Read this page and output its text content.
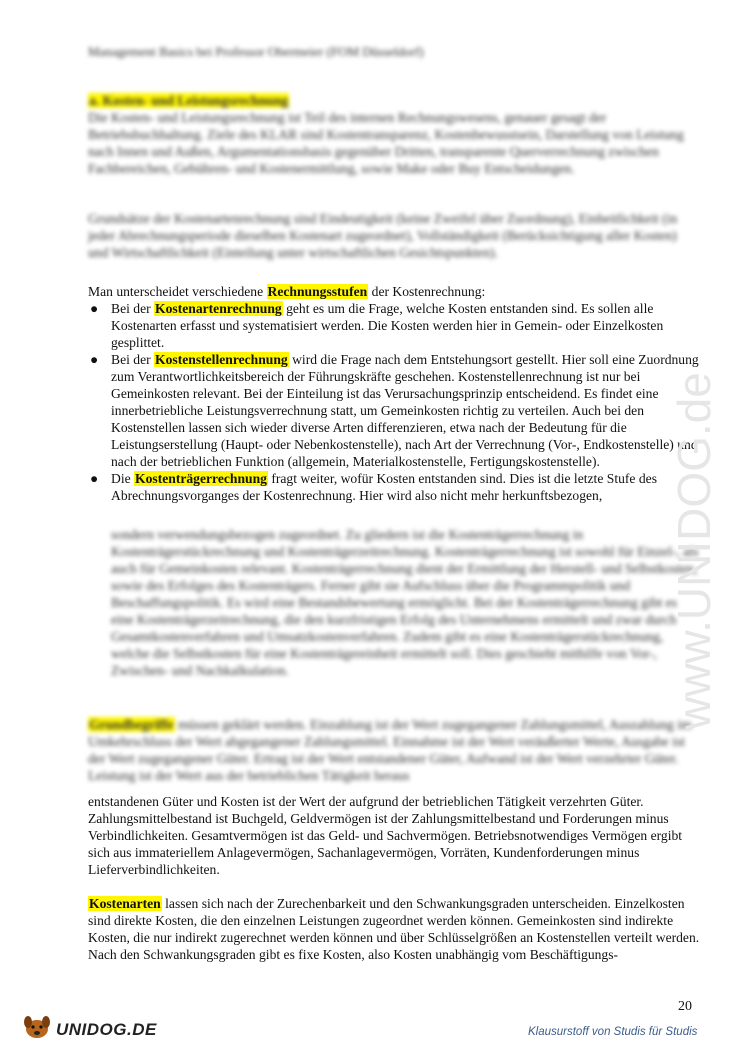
Management Basics bei Professor Obermeier (FOM Düsseldorf)

a. Kosten- und Leistungsrechnung

Die Kosten- und Leistungsrechnung ist Teil des internen Rechnungswesens, genauer gesagt der Betriebsbuchhaltung. Ziele des KLAR sind Kostentransparenz, Kostenbewusstsein, Darstellung von Leistung nach Innen und Außen, Argumentationsbasis gegenüber Dritten, transparente Querverrechnung zwischen Fachbereichen, Gebühren- und Kostenermittlung, sowie Make oder Buy Entscheidungen.

Grundsätze der Kostenartenrechnung sind Eindeutigkeit (keine Zweifel über Zuordnung), Einheitlichkeit (in jeder Abrechnungsperiode dieselben Kostenart zugeordnet), Vollständigkeit (Berücksichtigung aller Kosten) und Wirtschaftlichkeit (Einteilung unter wirtschaftlichen Gesichtspunkten).

Man unterscheidet verschiedene Rechnungsstufen der Kostenrechnung:

● Bei der Kostenartenrechnung geht es um die Frage, welche Kosten entstanden sind. Es sollen alle Kostenarten erfasst und systematisiert werden. Die Kosten werden hier in Gemein- oder Einzelkosten gesplittet.
● Bei der Kostenstellenrechnung wird die Frage nach dem Entstehungsort gestellt. Hier soll eine Zuordnung zum Verantwortlichkeitsbereich der Führungskräfte geschehen. Kostenstellenrechnung ist nur bei Gemeinkosten relevant. Bei der Einteilung ist das Verursachungsprinzip entscheidend. Es findet eine innerbetriebliche Leistungsverrechnung statt, um Gemeinkosten richtig zu verteilen. Auch bei den Kostenstellen lassen sich wieder diverse Arten differenzieren, etwa nach der Bedeutung für die Leistungserstellung (Haupt- oder Nebenkostenstelle), nach Art der Verrechnung (Vor-, Endkostenstelle) und nach der betrieblichen Funktion (allgemein, Materialkostenstelle, Fertigungskostenstelle).
● Die Kostenträgerrechnung fragt weiter, wofür Kosten entstanden sind. Dies ist die letzte Stufe des Abrechnungsvorganges der Kostenrechnung. Hier wird also nicht mehr herkunftsbezogen,
sondern verwendungsbezogen zugeordnet. Zu gliedern ist die Kostenträgerrechnung in Kostenträgerstückrechnung und Kostenträgerzeitrechnung. Kostenträgerrechnung ist sowohl für Einzel-, als auch für Gemeinkosten relevant. Kostenträgerrechnung dient der Ermittlung der Herstell- und Selbstkosten, sowie des Erfolges des Kostenträgers. Ferner gibt sie Aufschluss über die Programmpolitik und Beschaffungspolitik. Es wird eine Bestandsbewertung ermöglicht. Bei der Kostenträgerrechnung gibt es eine Kostenträgerzeitrechnung, die den kurzfristigen Erfolg des Unternehmens ermittelt und zwar durch Gesamtkostenverfahren und Umsatzkostenverfahren. Zudem gibt es eine Kostenträgerstückrechnung, welche die Selbstkosten für eine Kostenträgereinheit ermittelt soll. Dies geschieht mithilfe von Vor-, Zwischen- und Nachkalkulation.
Grundbegriffe müssen geklärt werden. Einzahlung ist der Wert zugegangener Zahlungsmittel, Auszahlung im Umkehrschluss der Wert abgegangener Zahlungsmittel. Einnahme ist der Wert veräußerter Werte, Ausgabe ist der Wert zugegangener Güter. Ertrag ist der Wert entstandener Güter, Aufwand ist der Wert verzehrter Güter. Leistung ist der Wert aus der betrieblichen Tätigkeit heraus
entstandenen Güter und Kosten ist der Wert der aufgrund der betrieblichen Tätigkeit verzehrten Güter. Zahlungsmittelbestand ist Buchgeld, Geldvermögen ist der Zahlungsmittelbestand und Forderungen minus Verbindlichkeiten. Gesamtvermögen ist das Geld- und Sachvermögen. Betriebsnotwendiges Vermögen ergibt sich aus immateriellem Anlagevermögen, Sachanlagevermögen, Vorräten, Kundenforderungen minus Lieferverbindlichkeiten.

Kostenarten lassen sich nach der Zurechenbarkeit und den Schwankungsgraden unterscheiden. Einzelkosten sind direkte Kosten, die den einzelnen Leistungen zugeordnet werden können. Gemeinkosten sind indirekte Kosten, die nur indirekt zugerechnet werden können und über Schlüsselgrößen an Kostenstellen verteilt werden.

Nach den Schwankungsgraden gibt es fixe Kosten, also Kosten unabhängig vom Beschäftigungs-

www.UNIDOG.de
20
UNIDOG.DE	Klausurstoff von Studis für Studis
